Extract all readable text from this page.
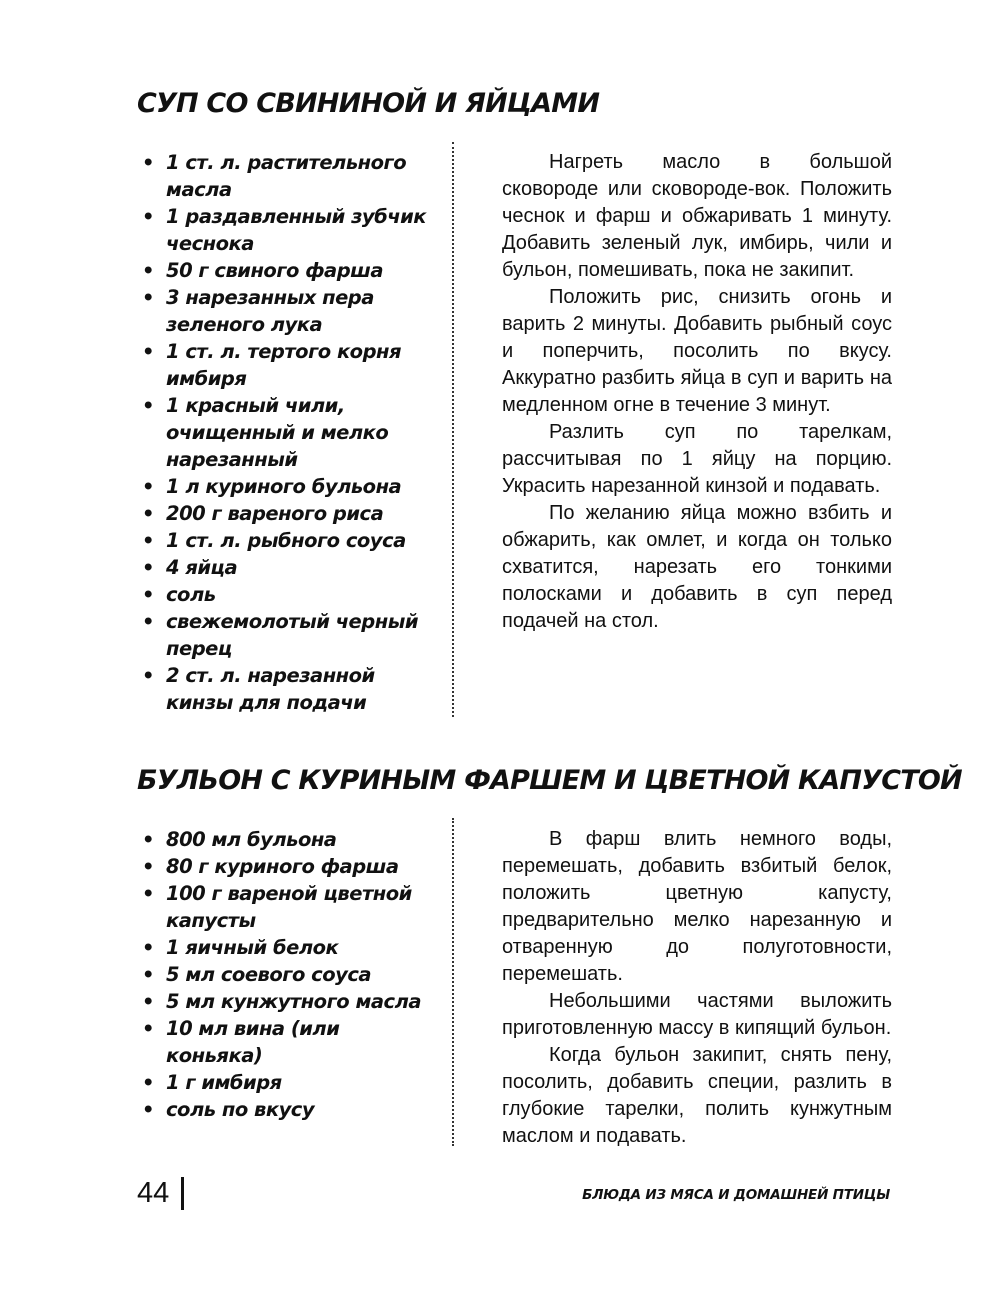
СУП СО СВИНИНОЙ И ЯЙЦАМИ
• 1 ст. л. растительного масла
• 1 раздавленный зубчик чеснока
• 50 г свиного фарша
• 3 нарезанных пера зеленого лука
• 1 ст. л. тертого корня имбиря
• 1 красный чили, очищенный и мелко нарезанный
• 1 л куриного бульона
• 200 г вареного риса
• 1 ст. л. рыбного соуса
• 4 яйца
• соль
• свежемолотый черный перец
• 2 ст. л. нарезанной кинзы для подачи

Нагреть масло в большой сковороде или сковороде-вок. Положить чеснок и фарш и обжаривать 1 минуту. Добавить зеленый лук, имбирь, чили и бульон, помешивать, пока не закипит.

Положить рис, снизить огонь и варить 2 минуты. Добавить рыбный соус и поперчить, посолить по вкусу. Аккуратно разбить яйца в суп и варить на медленном огне в течение 3 минут.

Разлить суп по тарелкам, рассчитывая по 1 яйцу на порцию. Украсить нарезанной кинзой и подавать.

По желанию яйца можно взбить и обжарить, как омлет, и когда он только схватится, нарезать его тонкими полосками и добавить в суп перед подачей на стол.

БУЛЬОН С КУРИНЫМ ФАРШЕМ И ЦВЕТНОЙ КАПУСТОЙ
• 800 мл бульона
• 80 г куриного фарша
• 100 г вареной цветной капусты
• 1 яичный белок
• 5 мл соевого соуса
• 5 мл кунжутного масла
• 10 мл вина (или коньяка)
• 1 г имбиря
• соль по вкусу

В фарш влить немного воды, перемешать, добавить взбитый белок, положить цветную капусту, предварительно мелко нарезанную и отваренную до полуготовности, перемешать.

Небольшими частями выложить приготовленную массу в кипящий бульон.

Когда бульон закипит, снять пену, посолить, добавить специи, разлить в глубокие тарелки, полить кунжутным маслом и подавать.

44	БЛЮДА ИЗ МЯСА И ДОМАШНЕЙ ПТИЦЫ
